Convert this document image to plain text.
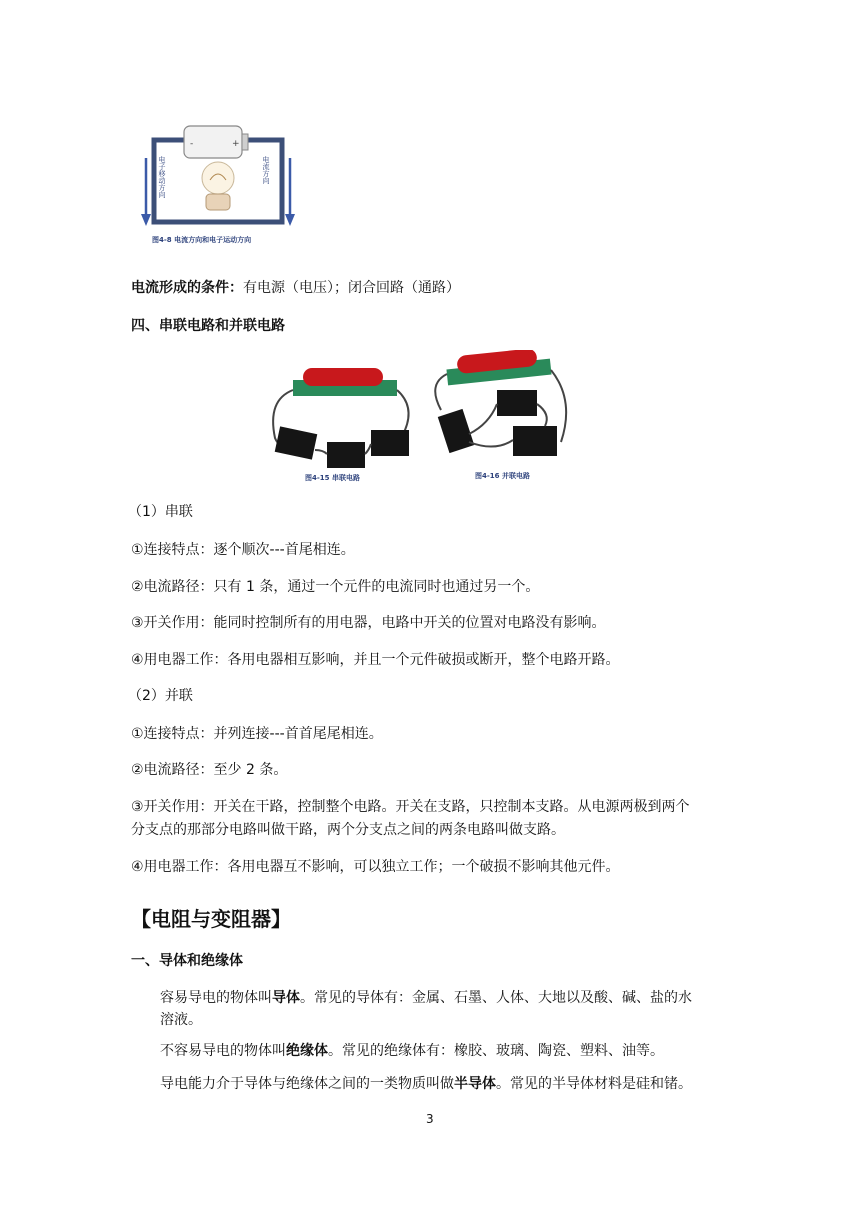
-	+
电子移动方向	电流方向
图4-8 电流方向和电子运动方向
电流形成的条件：有电源（电压）；闭合回路（通路）
四、串联电路和并联电路
图4-15 串联电路	图4-16 并联电路
（1）串联
①连接特点：逐个顺次---首尾相连。
②电流路径：只有 1 条，通过一个元件的电流同时也通过另一个。
③开关作用：能同时控制所有的用电器，电路中开关的位置对电路没有影响。
④用电器工作：各用电器相互影响，并且一个元件破损或断开，整个电路开路。
（2）并联
①连接特点：并列连接---首首尾尾相连。
②电流路径：至少 2 条。
③开关作用：开关在干路，控制整个电路。开关在支路，只控制本支路。从电源两极到两个
分支点的那部分电路叫做干路，两个分支点之间的两条电路叫做支路。
④用电器工作：各用电器互不影响，可以独立工作；一个破损不影响其他元件。
【电阻与变阻器】
一、导体和绝缘体
容易导电的物体叫导体。常见的导体有：金属、石墨、人体、大地以及酸、碱、盐的水
溶液。
不容易导电的物体叫绝缘体。常见的绝缘体有：橡胶、玻璃、陶瓷、塑料、油等。
导电能力介于导体与绝缘体之间的一类物质叫做半导体。常见的半导体材料是硅和锗。
3
